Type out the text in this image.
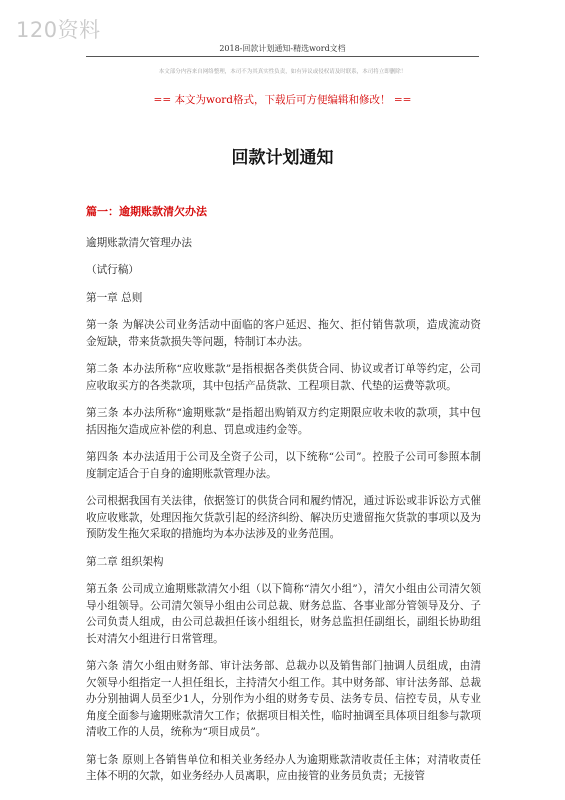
120资料
2018-回款计划通知-精选word文档
本文部分内容来自网络整理，本司不为其真实性负责，如有异议或侵权请及时联系，本司将立即删除！
== 本文为word格式，下载后可方便编辑和修改！ ==
回款计划通知

篇一：逾期账款清欠办法

逾期账款清欠管理办法

（试行稿）

第一章 总则

第一条 为解决公司业务活动中面临的客户延迟、拖欠、拒付销售款项，造成流动资金短缺，带来货款损失等问题，特制订本办法。

第二条 本办法所称“应收账款”是指根据各类供货合同、协议或者订单等约定，公司应收取买方的各类款项，其中包括产品货款、工程项目款、代垫的运费等款项。

第三条 本办法所称“逾期账款”是指超出购销双方约定期限应收未收的款项，其中包括因拖欠造成应补偿的利息、罚息或违约金等。

第四条 本办法适用于公司及全资子公司，以下统称“公司”。控股子公司可参照本制度制定适合于自身的逾期账款管理办法。

公司根据我国有关法律，依据签订的供货合同和履约情况，通过诉讼或非诉讼方式催收应收账款，处理因拖欠货款引起的经济纠纷、解决历史遗留拖欠货款的事项以及为预防发生拖欠采取的措施均为本办法涉及的业务范围。

第二章 组织架构

第五条 公司成立逾期账款清欠小组（以下简称“清欠小组”），清欠小组由公司清欠领导小组领导。公司清欠领导小组由公司总裁、财务总监、各事业部分管领导及分、子公司负责人组成，由公司总裁担任该小组组长，财务总监担任副组长，副组长协助组长对清欠小组进行日常管理。

第六条 清欠小组由财务部、审计法务部、总裁办以及销售部门抽调人员组成，由清欠领导小组指定一人担任组长，主持清欠小组工作。其中财务部、审计法务部、总裁办分别抽调人员至少1人，分别作为小组的财务专员、法务专员、信控专员，从专业角度全面参与逾期账款清欠工作；依据项目相关性，临时抽调至具体项目组参与款项清收工作的人员，统称为“项目成员”。

第七条 原则上各销售单位和相关业务经办人为逾期账款清收责任主体；对清收责任主体不明的欠款，如业务经办人员离职，应由接管的业务员负责；无接管
